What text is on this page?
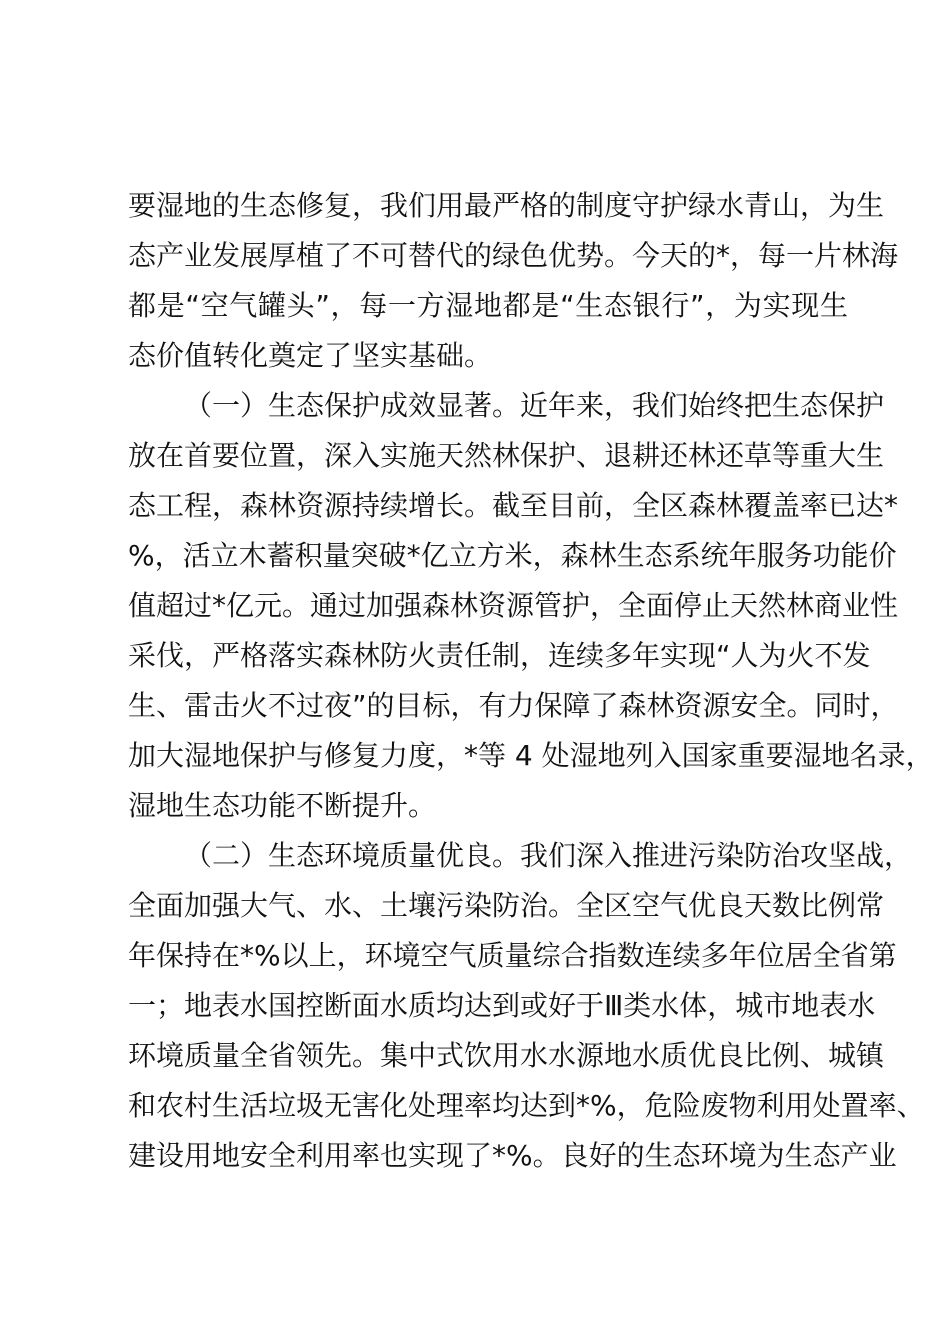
要湿地的生态修复，我们用最严格的制度守护绿水青山，为生
态产业发展厚植了不可替代的绿色优势。今天的*，每一片林海
都是“空气罐头”，每一方湿地都是“生态银行”，为实现生
态价值转化奠定了坚实基础。
（一）生态保护成效显著。近年来，我们始终把生态保护
放在首要位置，深入实施天然林保护、退耕还林还草等重大生
态工程，森林资源持续增长。截至目前，全区森林覆盖率已达*
%，活立木蓄积量突破*亿立方米，森林生态系统年服务功能价
值超过*亿元。通过加强森林资源管护，全面停止天然林商业性
采伐，严格落实森林防火责任制，连续多年实现“人为火不发
生、雷击火不过夜”的目标，有力保障了森林资源安全。同时，
加大湿地保护与修复力度，*等 4 处湿地列入国家重要湿地名录，
湿地生态功能不断提升。
（二）生态环境质量优良。我们深入推进污染防治攻坚战，
全面加强大气、水、土壤污染防治。全区空气优良天数比例常
年保持在*%以上，环境空气质量综合指数连续多年位居全省第
一；地表水国控断面水质均达到或好于Ⅲ类水体，城市地表水
环境质量全省领先。集中式饮用水水源地水质优良比例、城镇
和农村生活垃圾无害化处理率均达到*%，危险废物利用处置率、
建设用地安全利用率也实现了*%。良好的生态环境为生态产业
